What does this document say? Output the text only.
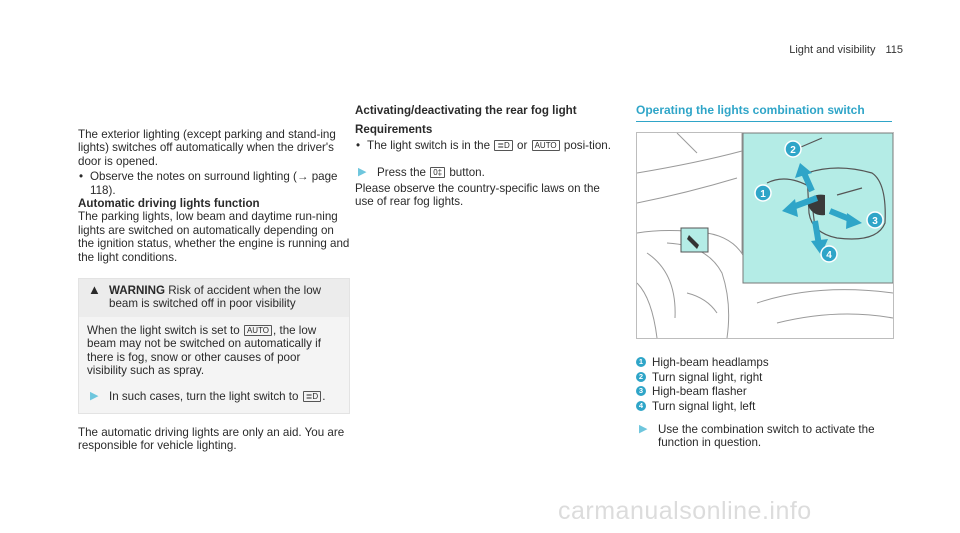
Light and visibility 115

The exterior lighting (except parking and stand-ing lights) switches off automatically when the driver's door is opened.

• Observe the notes on surround lighting (→ page 118).

Automatic driving lights function

The parking lights, low beam and daytime run-ning lights are switched on automatically depending on the ignition status, whether the engine is running and the light conditions.

▲ WARNING Risk of accident when the low beam is switched off in poor visibility

When the light switch is set to AUTO , the low beam may not be switched on automatically if there is fog, snow or other causes of poor visibility such as spray.

▶ In such cases, turn the light switch to ≣D .

The automatic driving lights are only an aid. You are responsible for vehicle lighting.

Activating/deactivating the rear fog light

Requirements

• The light switch is in the ≣D or AUTO posi-tion.
▶ Press the 0‡ button.

Please observe the country-specific laws on the use of rear fog lights.

Operating the lights combination switch
1
2
3
4
1 High-beam headlamps
2 Turn signal light, right
3 High-beam flasher
4 Turn signal light, left
▶ Use the combination switch to activate the function in question.
carmanualsonline.info
